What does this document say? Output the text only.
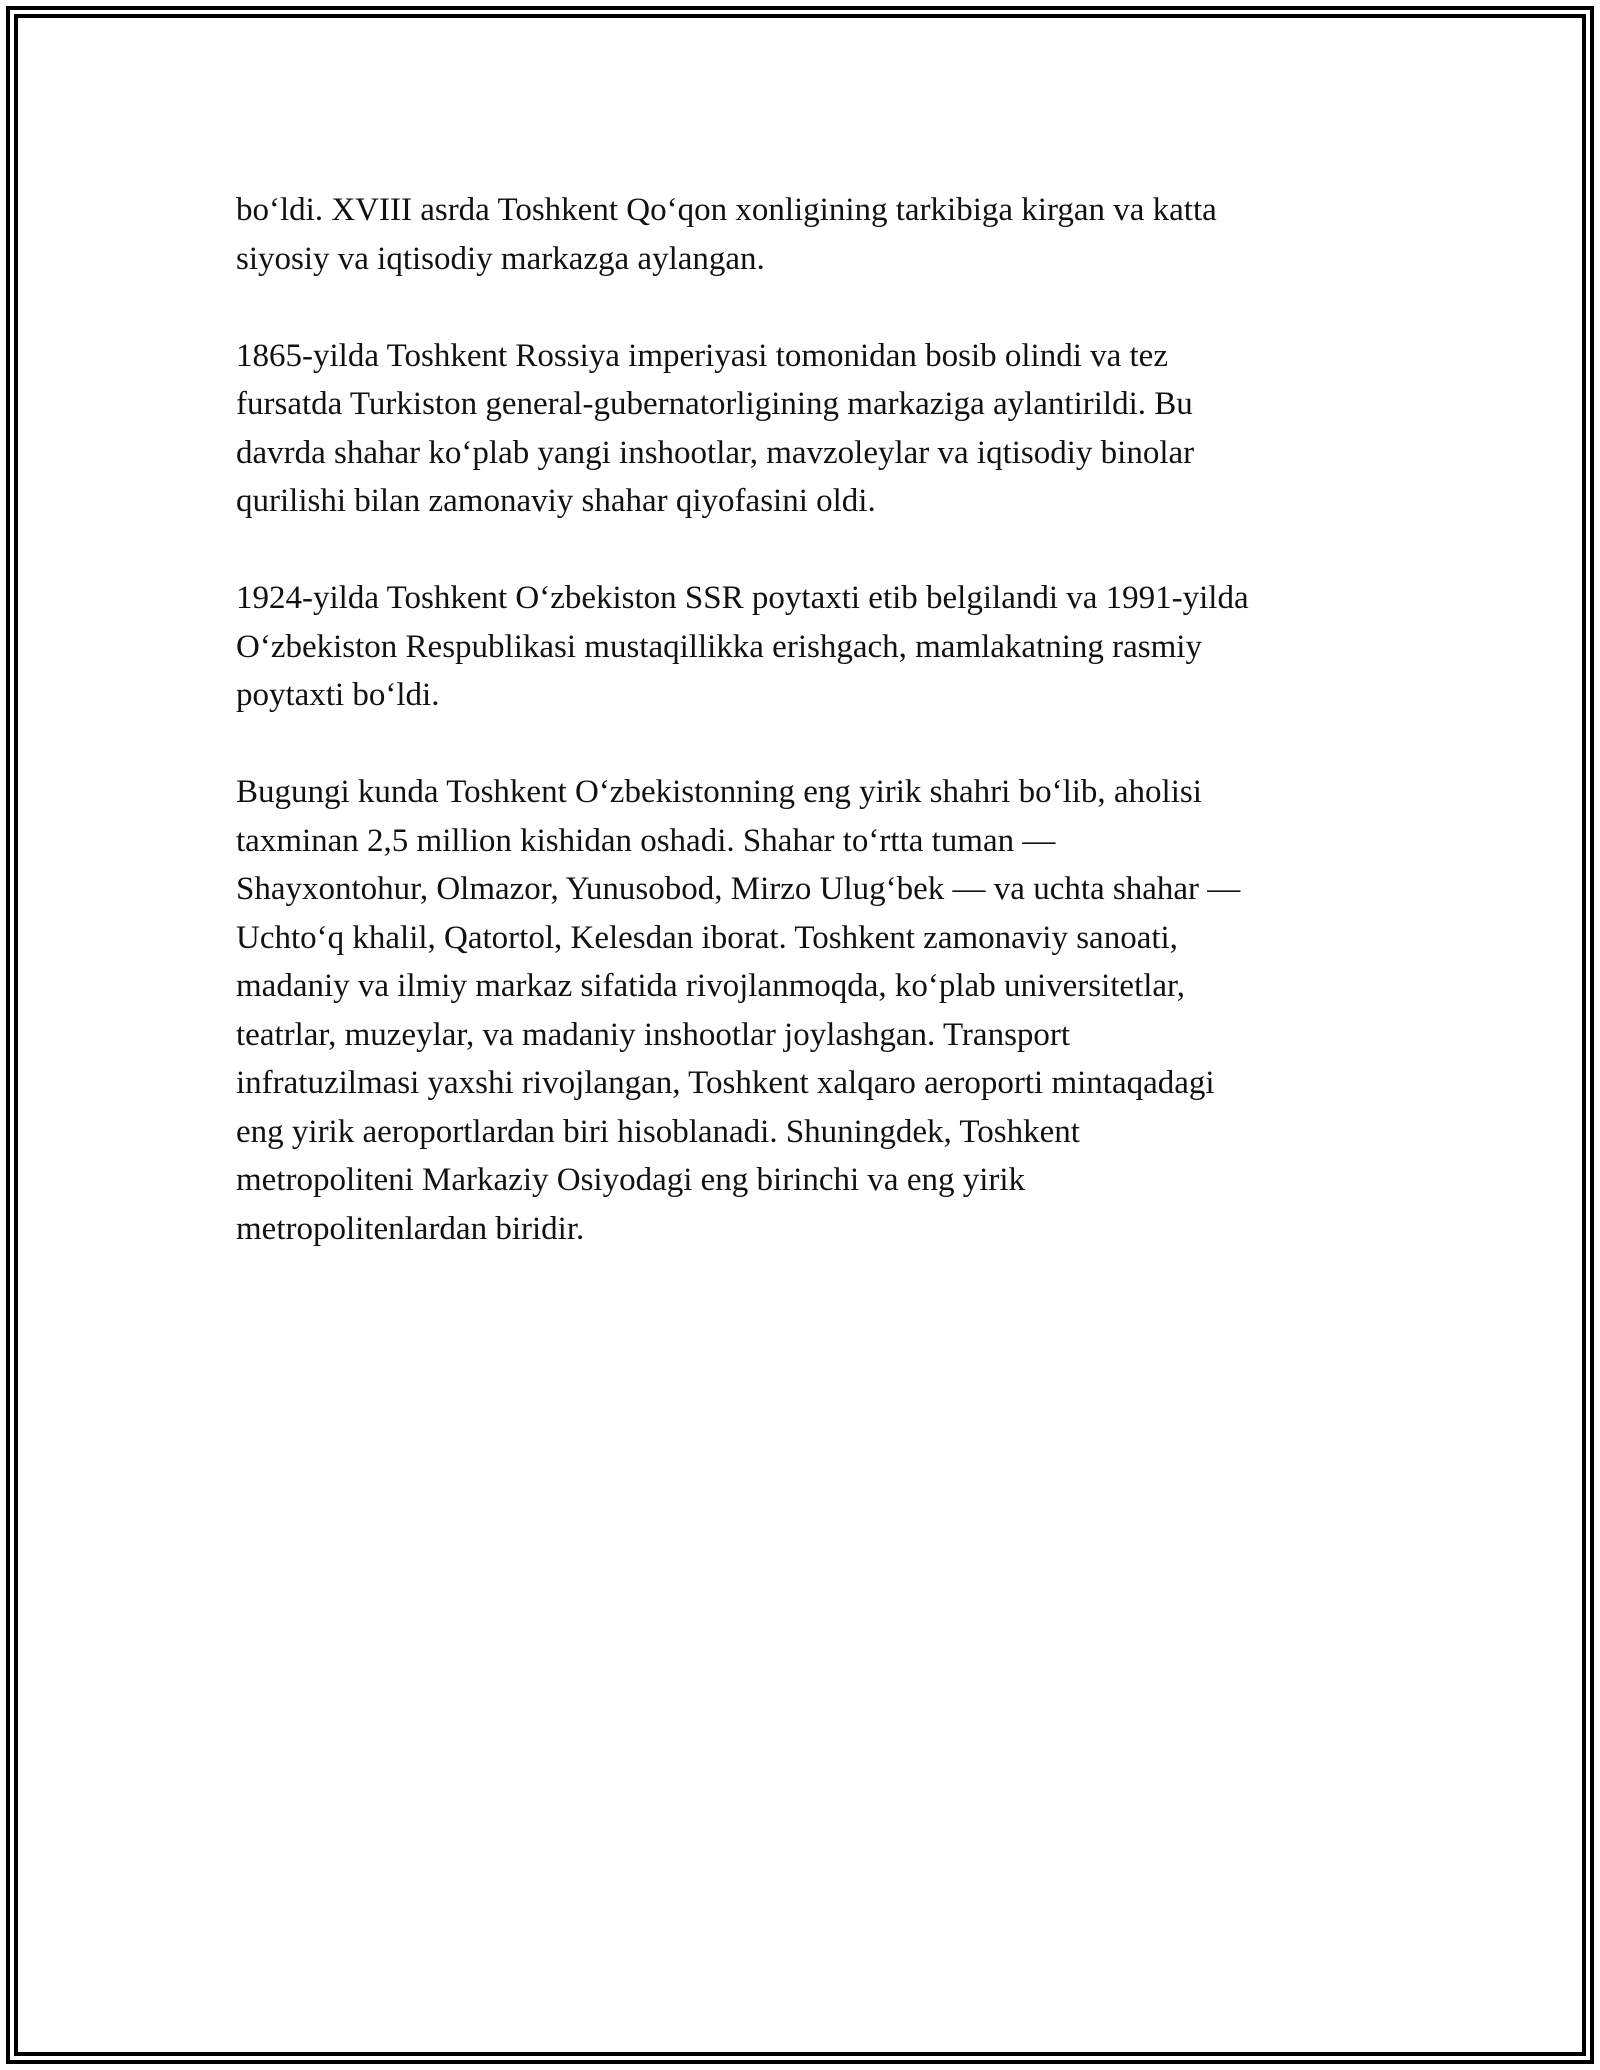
bo‘ldi. XVIII asrda Toshkent Qo‘qon xonligining tarkibiga kirgan va katta
siyosiy va iqtisodiy markazga aylangan.

1865-yilda Toshkent Rossiya imperiyasi tomonidan bosib olindi va tez
fursatda Turkiston general-gubernatorligining markaziga aylantirildi. Bu
davrda shahar ko‘plab yangi inshootlar, mavzoleylar va iqtisodiy binolar
qurilishi bilan zamonaviy shahar qiyofasini oldi.

1924-yilda Toshkent O‘zbekiston SSR poytaxti etib belgilandi va 1991-yilda
O‘zbekiston Respublikasi mustaqillikka erishgach, mamlakatning rasmiy
poytaxti bo‘ldi.

Bugungi kunda Toshkent O‘zbekistonning eng yirik shahri bo‘lib, aholisi
taxminan 2,5 million kishidan oshadi. Shahar to‘rtta tuman —
Shayxontohur, Olmazor, Yunusobod, Mirzo Ulug‘bek — va uchta shahar —
Uchto‘q khalil, Qatortol, Kelesdan iborat. Toshkent zamonaviy sanoati,
madaniy va ilmiy markaz sifatida rivojlanmoqda, ko‘plab universitetlar,
teatrlar, muzeylar, va madaniy inshootlar joylashgan. Transport
infratuzilmasi yaxshi rivojlangan, Toshkent xalqaro aeroporti mintaqadagi
eng yirik aeroportlardan biri hisoblanadi. Shuningdek, Toshkent
metropoliteni Markaziy Osiyodagi eng birinchi va eng yirik
metropolitenlardan biridir.
